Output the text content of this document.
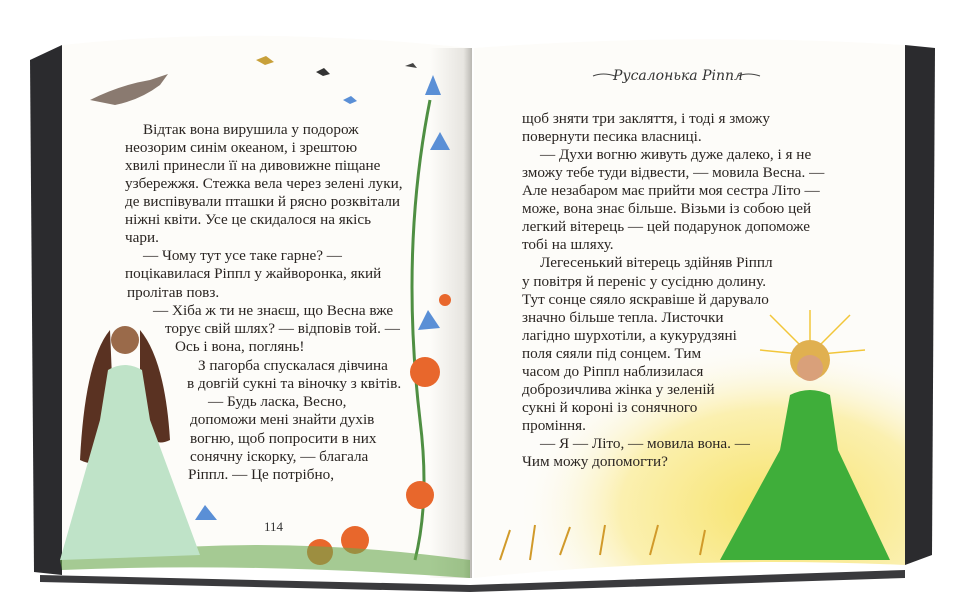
Русалонька Ріппл
114
Відтак вона вирушила у подорож
неозорим синім океаном, і зрештою
хвилі принесли її на дивовижне піщане
узбережжя. Стежка вела через зелені луки,
де виспівували пташки й рясно розквітали
ніжні квіти. Усе це скидалося на якісь
чари.
— Чому тут усе таке гарне? —
поцікавилася Ріппл у жайворонка, який
пролітав повз.
— Хіба ж ти не знаєш, що Весна вже
торує свій шлях? — відповів той. —
Ось і вона, поглянь!
З пагорба спускалася дівчина
в довгій сукні та віночку з квітів.
— Будь ласка, Весно,
допоможи мені знайти духів
вогню, щоб попросити в них
сонячну іскорку, — благала
Ріппл. — Це потрібно,
щоб зняти три закляття, і тоді я зможу
повернути песика власниці.
— Духи вогню живуть дуже далеко, і я не
зможу тебе туди відвести, — мовила Весна. —
Але незабаром має прийти моя сестра Літо —
може, вона знає більше. Візьми із собою цей
легкий вітерець — цей подарунок допоможе
тобі на шляху.
Легесенький вітерець здійняв Ріппл
у повітря й переніс у сусідню долину.
Тут сонце сяяло яскравіше й дарувало
значно більше тепла. Листочки
лагідно шурхотіли, а кукурудзяні
поля сяяли під сонцем. Тим
часом до Ріппл наблизилася
доброзичлива жінка у зеленій
сукні й короні із сонячного
проміння.
— Я — Літо, — мовила вона. —
Чим можу допомогти?
